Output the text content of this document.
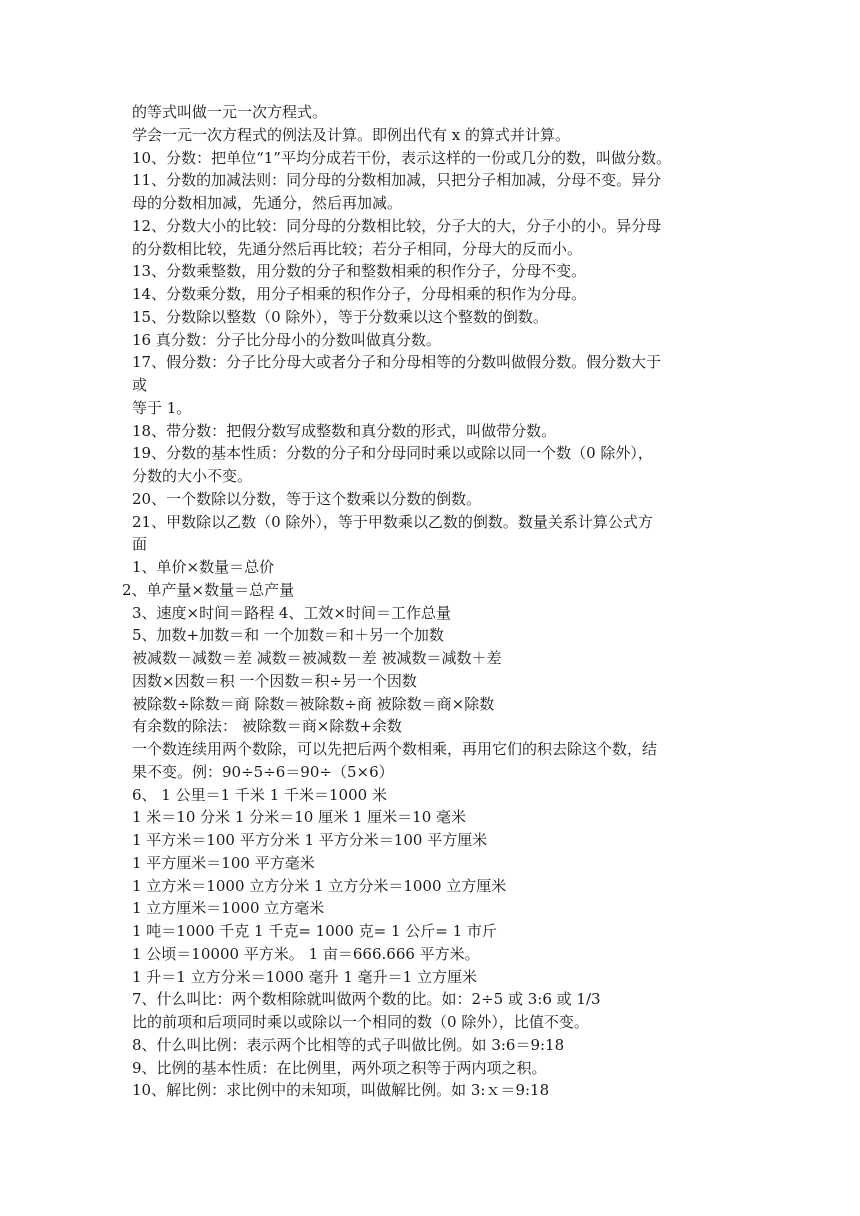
的等式叫做一元一次方程式。
学会一元一次方程式的例法及计算。即例出代有 x 的算式并计算。
10、分数：把单位“1”平均分成若干份，表示这样的一份或几分的数，叫做分数。
11、分数的加减法则：同分母的分数相加减，只把分子相加减，分母不变。异分
母的分数相加减，先通分，然后再加减。
12、分数大小的比较：同分母的分数相比较，分子大的大，分子小的小。异分母
的分数相比较，先通分然后再比较；若分子相同，分母大的反而小。
13、分数乘整数，用分数的分子和整数相乘的积作分子，分母不变。
14、分数乘分数，用分子相乘的积作分子，分母相乘的积作为分母。
15、分数除以整数（0 除外），等于分数乘以这个整数的倒数。
16 真分数：分子比分母小的分数叫做真分数。
17、假分数：分子比分母大或者分子和分母相等的分数叫做假分数。假分数大于
或
等于 1。
18、带分数：把假分数写成整数和真分数的形式，叫做带分数。
19、分数的基本性质：分数的分子和分母同时乘以或除以同一个数（0 除外），
分数的大小不变。
20、一个数除以分数，等于这个数乘以分数的倒数。
21、甲数除以乙数（0 除外），等于甲数乘以乙数的倒数。数量关系计算公式方
面
1、单价×数量＝总价
2、单产量×数量＝总产量
3、速度×时间＝路程 4、工效×时间＝工作总量
5、加数+加数＝和 一个加数＝和＋另一个加数
被减数－减数＝差 减数＝被减数－差 被减数＝减数＋差
因数×因数＝积 一个因数＝积÷另一个因数
被除数÷除数＝商 除数＝被除数÷商 被除数＝商×除数
有余数的除法： 被除数＝商×除数+余数
一个数连续用两个数除，可以先把后两个数相乘，再用它们的积去除这个数，结
果不变。例：90÷5÷6＝90÷（5×6）
6、 1 公里＝1 千米 1 千米＝1000 米
1 米＝10 分米 1 分米＝10 厘米 1 厘米＝10 毫米
1 平方米＝100 平方分米 1 平方分米＝100 平方厘米
1 平方厘米＝100 平方毫米
1 立方米＝1000 立方分米 1 立方分米＝1000 立方厘米
1 立方厘米＝1000 立方毫米
1 吨＝1000 千克 1 千克= 1000 克= 1 公斤= 1 市斤
1 公顷＝10000 平方米。 1 亩＝666.666 平方米。
1 升＝1 立方分米＝1000 毫升 1 毫升＝1 立方厘米
7、什么叫比：两个数相除就叫做两个数的比。如：2÷5 或 3:6 或 1/3
比的前项和后项同时乘以或除以一个相同的数（0 除外），比值不变。
8、什么叫比例：表示两个比相等的式子叫做比例。如 3:6＝9:18
9、比例的基本性质：在比例里，两外项之积等于两内项之积。
10、解比例：求比例中的未知项，叫做解比例。如 3:ｘ＝9:18
